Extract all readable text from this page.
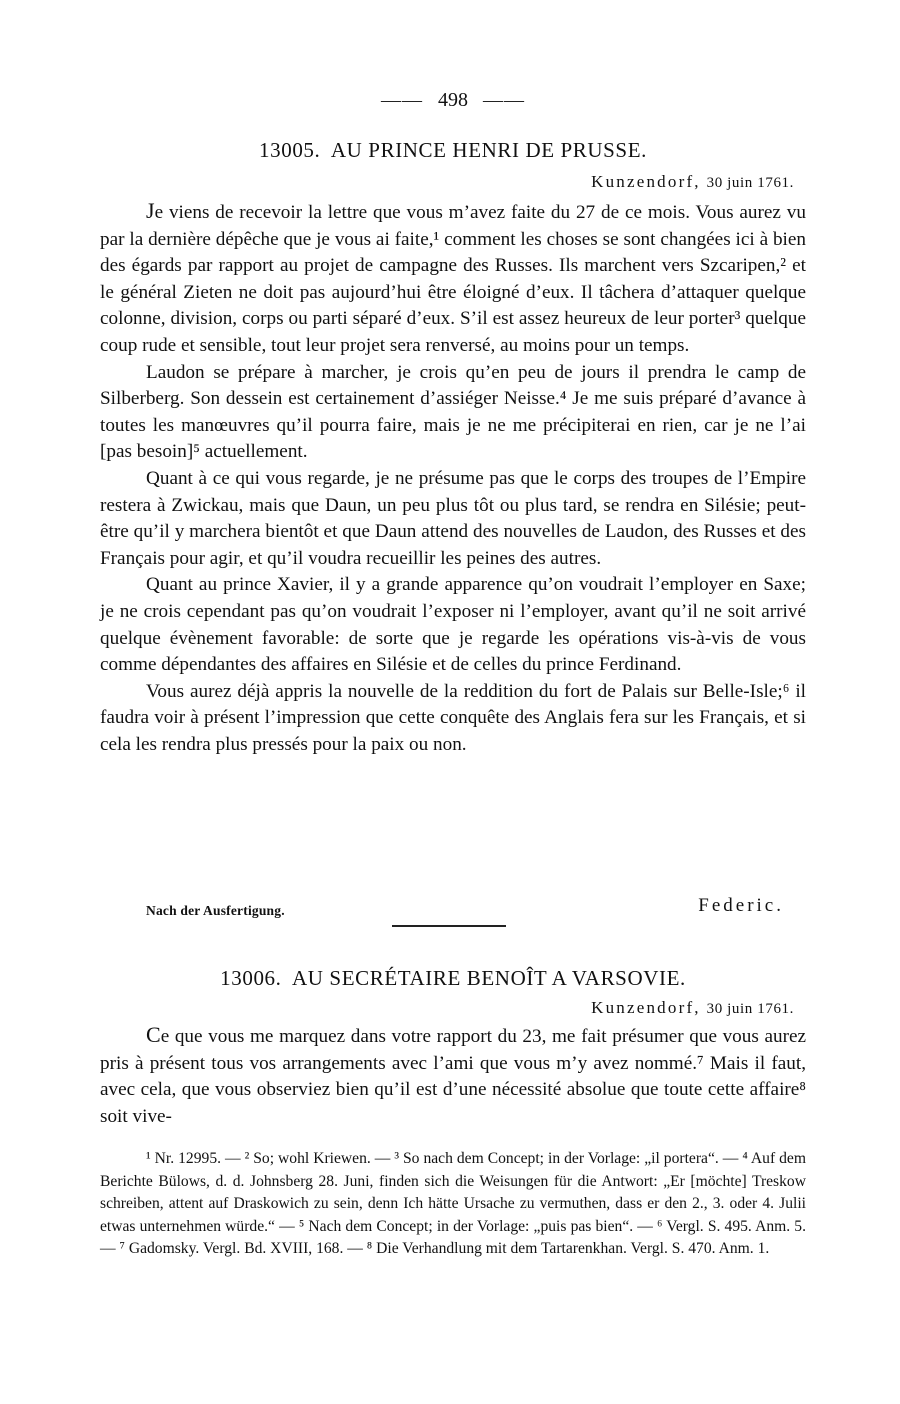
—— 498 ——
13005. AU PRINCE HENRI DE PRUSSE.
Kunzendorf, 30 juin 1761.

Je viens de recevoir la lettre que vous m’avez faite du 27 de ce mois. Vous aurez vu par la dernière dépêche que je vous ai faite,¹ comment les choses se sont changées ici à bien des égards par rapport au projet de campagne des Russes. Ils marchent vers Szcaripen,² et le général Zieten ne doit pas aujourd’hui être éloigné d’eux. Il tâchera d’attaquer quelque colonne, division, corps ou parti séparé d’eux. S’il est assez heureux de leur porter³ quelque coup rude et sensible, tout leur projet sera renversé, au moins pour un temps.

Laudon se prépare à marcher, je crois qu’en peu de jours il prendra le camp de Silberberg. Son dessein est certainement d’assiéger Neisse.⁴ Je me suis préparé d’avance à toutes les manœuvres qu’il pourra faire, mais je ne me précipiterai en rien, car je ne l’ai [pas besoin]⁵ actuellement.

Quant à ce qui vous regarde, je ne présume pas que le corps des troupes de l’Empire restera à Zwickau, mais que Daun, un peu plus tôt ou plus tard, se rendra en Silésie; peut-être qu’il y marchera bientôt et que Daun attend des nouvelles de Laudon, des Russes et des Français pour agir, et qu’il voudra recueillir les peines des autres.

Quant au prince Xavier, il y a grande apparence qu’on voudrait l’employer en Saxe; je ne crois cependant pas qu’on voudrait l’exposer ni l’employer, avant qu’il ne soit arrivé quelque évènement favorable: de sorte que je regarde les opérations vis-à-vis de vous comme dépendantes des affaires en Silésie et de celles du prince Ferdinand.

Vous aurez déjà appris la nouvelle de la reddition du fort de Palais sur Belle-Isle;⁶ il faudra voir à présent l’impression que cette conquête des Anglais fera sur les Français, et si cela les rendra plus pressés pour la paix ou non.

Nach der Ausfertigung.	Federic.
13006. AU SECRÉTAIRE BENOÎT A VARSOVIE.
Kunzendorf, 30 juin 1761.

Ce que vous me marquez dans votre rapport du 23, me fait présumer que vous aurez pris à présent tous vos arrangements avec l’ami que vous m’y avez nommé.⁷ Mais il faut, avec cela, que vous observiez bien qu’il est d’une nécessité absolue que toute cette affaire⁸ soit vive-

¹ Nr. 12995. — ² So; wohl Kriewen. — ³ So nach dem Concept; in der Vorlage: „il portera“. — ⁴ Auf dem Berichte Bülows, d. d. Johnsberg 28. Juni, finden sich die Weisungen für die Antwort: „Er [möchte] Treskow schreiben, attent auf Draskowich zu sein, denn Ich hätte Ursache zu vermuthen, dass er den 2., 3. oder 4. Julii etwas unternehmen würde.“ — ⁵ Nach dem Concept; in der Vorlage: „puis pas bien“. — ⁶ Vergl. S. 495. Anm. 5. — ⁷ Gadomsky. Vergl. Bd. XVIII, 168. — ⁸ Die Verhandlung mit dem Tartarenkhan. Vergl. S. 470. Anm. 1.
